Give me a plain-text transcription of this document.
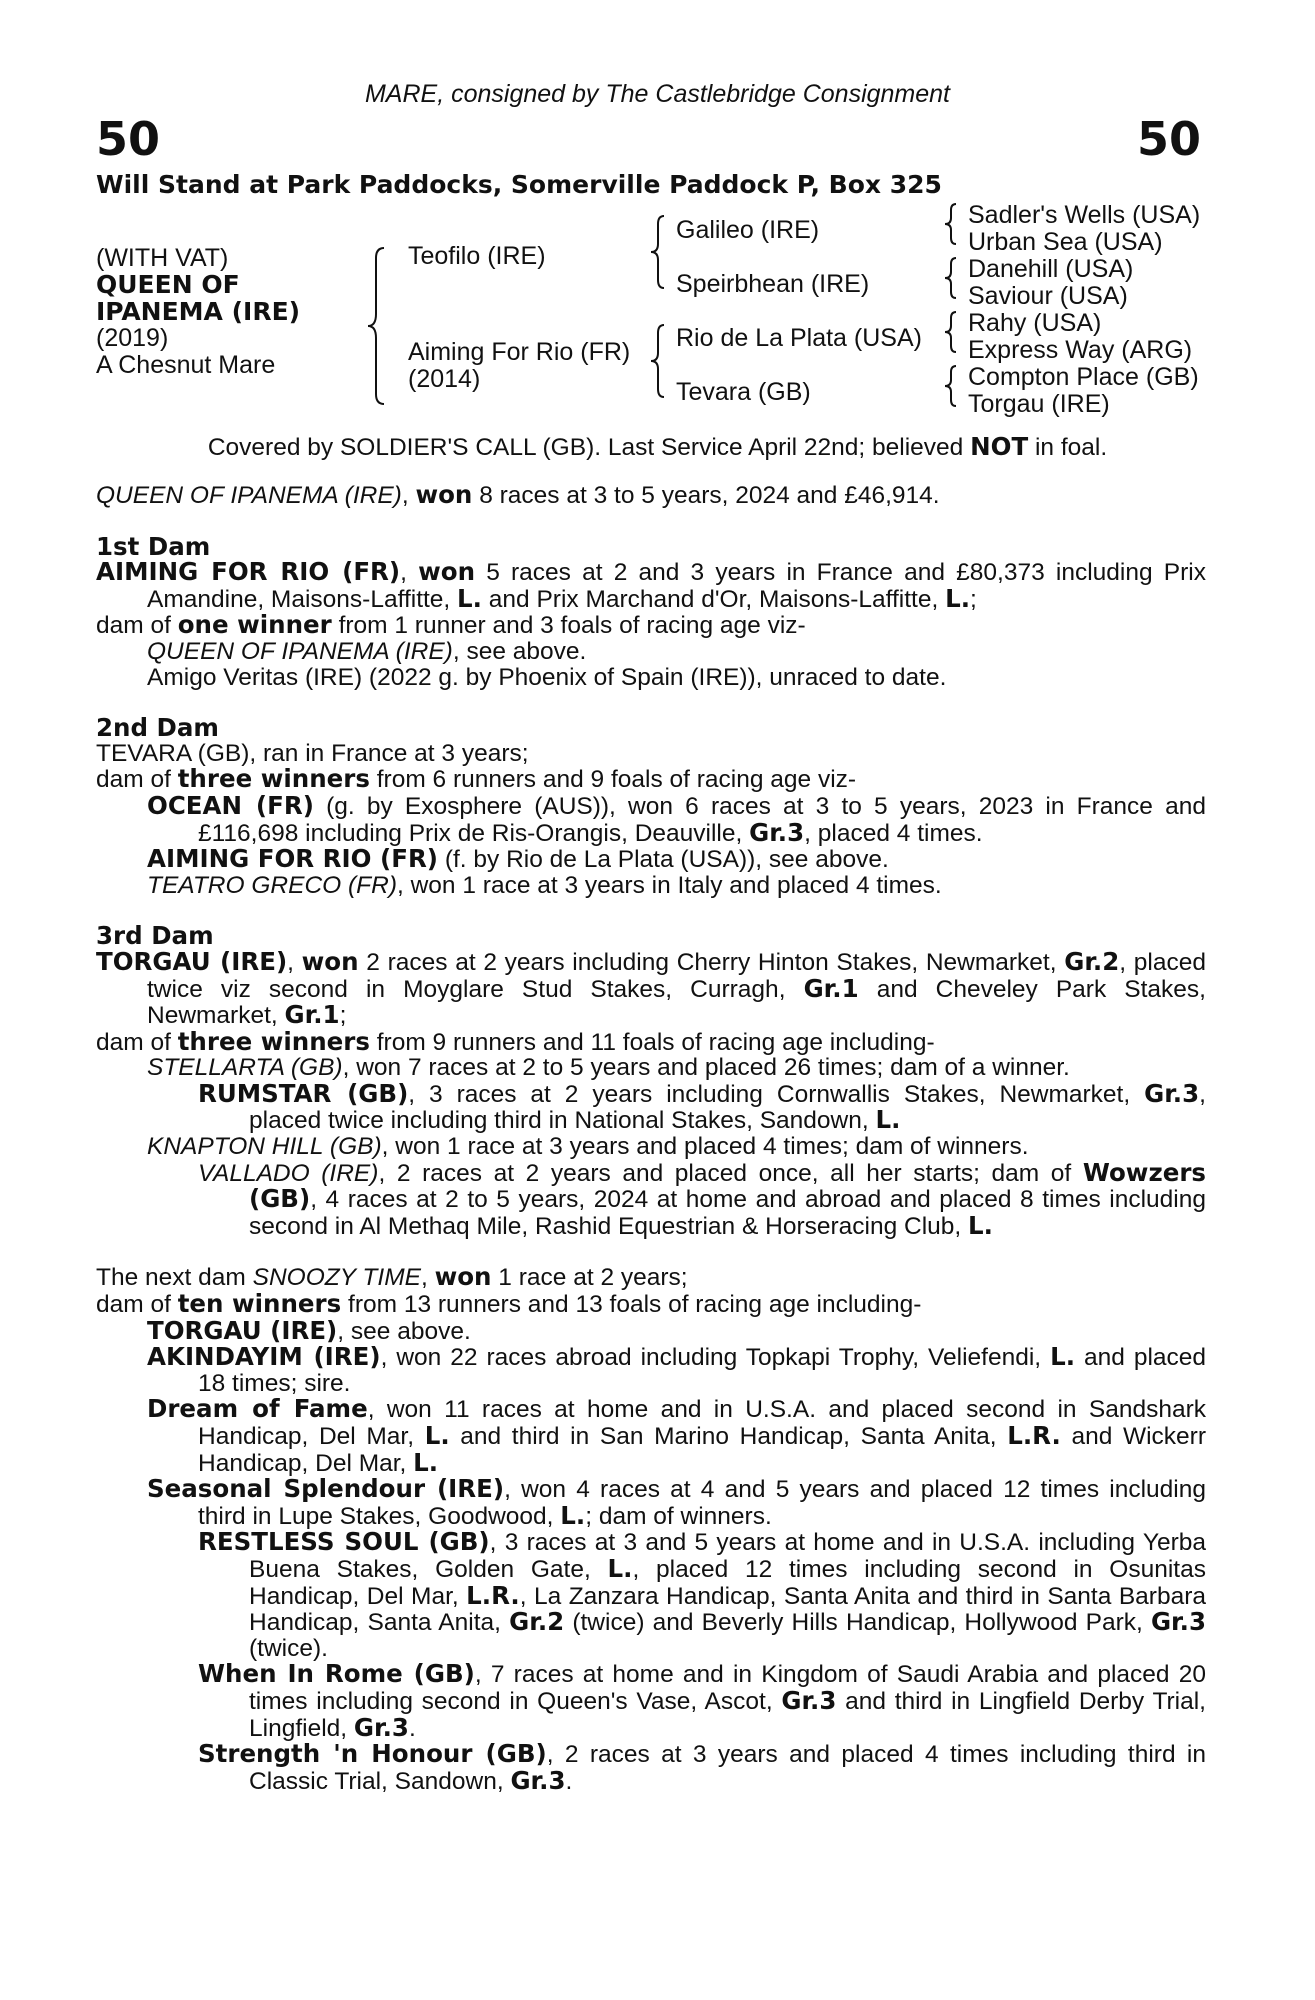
MARE, consigned by The Castlebridge Consignment
50	50
Will Stand at Park Paddocks, Somerville Paddock P, Box 325
(WITH VAT)
QUEEN OF
IPANEMA (IRE)
(2019)
A Chesnut Mare
Teofilo (IRE)
Aiming For Rio (FR)
(2014)
Galileo (IRE)
Speirbhean (IRE)
Rio de La Plata (USA)
Tevara (GB)
Sadler's Wells (USA)
Urban Sea (USA)
Danehill (USA)
Saviour (USA)
Rahy (USA)
Express Way (ARG)
Compton Place (GB)
Torgau (IRE)
Covered by SOLDIER'S CALL (GB). Last Service April 22nd; believed NOT in foal.

QUEEN OF IPANEMA (IRE), won 8 races at 3 to 5 years, 2024 and £46,914.

1st Dam

AIMING FOR RIO (FR), won 5 races at 2 and 3 years in France and £80,373 including Prix Amandine, Maisons-Laffitte, L. and Prix Marchand d'Or, Maisons-Laffitte, L.;

dam of one winner from 1 runner and 3 foals of racing age viz-

QUEEN OF IPANEMA (IRE), see above.

Amigo Veritas (IRE) (2022 g. by Phoenix of Spain (IRE)), unraced to date.

2nd Dam

TEVARA (GB), ran in France at 3 years;

dam of three winners from 6 runners and 9 foals of racing age viz-

OCEAN (FR) (g. by Exosphere (AUS)), won 6 races at 3 to 5 years, 2023 in France and £116,698 including Prix de Ris-Orangis, Deauville, Gr.3, placed 4 times.

AIMING FOR RIO (FR) (f. by Rio de La Plata (USA)), see above.

TEATRO GRECO (FR), won 1 race at 3 years in Italy and placed 4 times.

3rd Dam

TORGAU (IRE), won 2 races at 2 years including Cherry Hinton Stakes, Newmarket, Gr.2, placed twice viz second in Moyglare Stud Stakes, Curragh, Gr.1 and Cheveley Park Stakes, Newmarket, Gr.1;

dam of three winners from 9 runners and 11 foals of racing age including-

STELLARTA (GB), won 7 races at 2 to 5 years and placed 26 times; dam of a winner.

RUMSTAR (GB), 3 races at 2 years including Cornwallis Stakes, Newmarket, Gr.3, placed twice including third in National Stakes, Sandown, L.

KNAPTON HILL (GB), won 1 race at 3 years and placed 4 times; dam of winners.

VALLADO (IRE), 2 races at 2 years and placed once, all her starts; dam of Wowzers (GB), 4 races at 2 to 5 years, 2024 at home and abroad and placed 8 times including second in Al Methaq Mile, Rashid Equestrian & Horseracing Club, L.

The next dam SNOOZY TIME, won 1 race at 2 years;

dam of ten winners from 13 runners and 13 foals of racing age including-

TORGAU (IRE), see above.

AKINDAYIM (IRE), won 22 races abroad including Topkapi Trophy, Veliefendi, L. and placed 18 times; sire.

Dream of Fame, won 11 races at home and in U.S.A. and placed second in Sandshark Handicap, Del Mar, L. and third in San Marino Handicap, Santa Anita, L.R. and Wickerr Handicap, Del Mar, L.

Seasonal Splendour (IRE), won 4 races at 4 and 5 years and placed 12 times including third in Lupe Stakes, Goodwood, L.; dam of winners.

RESTLESS SOUL (GB), 3 races at 3 and 5 years at home and in U.S.A. including Yerba Buena Stakes, Golden Gate, L., placed 12 times including second in Osunitas Handicap, Del Mar, L.R., La Zanzara Handicap, Santa Anita and third in Santa Barbara Handicap, Santa Anita, Gr.2 (twice) and Beverly Hills Handicap, Hollywood Park, Gr.3 (twice).

When In Rome (GB), 7 races at home and in Kingdom of Saudi Arabia and placed 20 times including second in Queen's Vase, Ascot, Gr.3 and third in Lingfield Derby Trial, Lingfield, Gr.3.

Strength 'n Honour (GB), 2 races at 3 years and placed 4 times including third in Classic Trial, Sandown, Gr.3.
